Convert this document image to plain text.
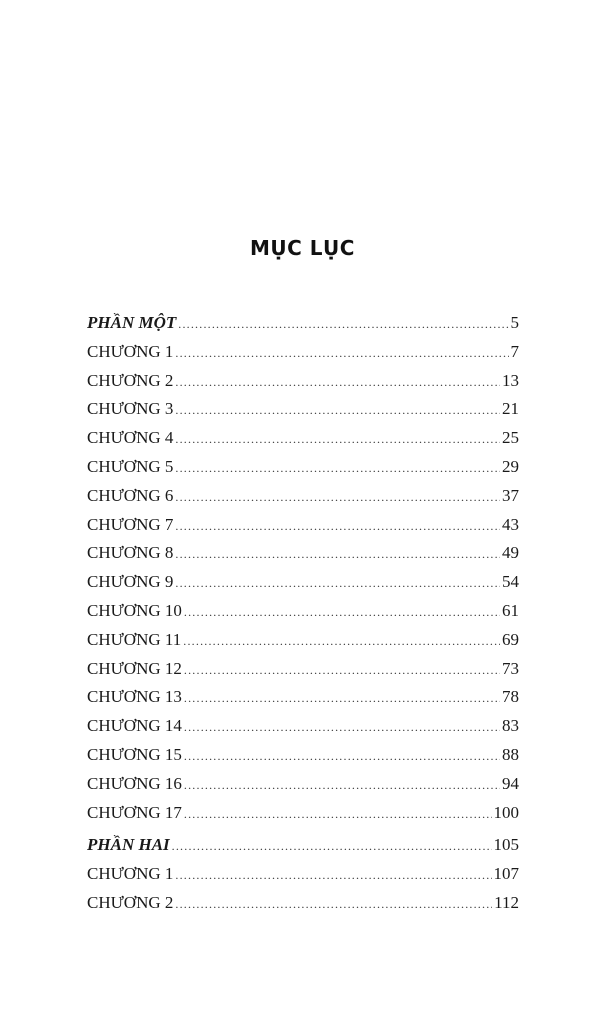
MỤC LỤC
PHẦN MỘT .....	5
CHƯƠNG 1 .....	7
CHƯƠNG 2 .....	13
CHƯƠNG 3 .....	21
CHƯƠNG 4 .....	25
CHƯƠNG 5 .....	29
CHƯƠNG 6 .....	37
CHƯƠNG 7 .....	43
CHƯƠNG 8 .....	49
CHƯƠNG 9 .....	54
CHƯƠNG 10 .....	61
CHƯƠNG 11 .....	69
CHƯƠNG 12 .....	73
CHƯƠNG 13 .....	78
CHƯƠNG 14 .....	83
CHƯƠNG 15 .....	88
CHƯƠNG 16 .....	94
CHƯƠNG 17 .....	100
PHẦN HAI .....	105
CHƯƠNG 1 .....	107
CHƯƠNG 2 .....	112
